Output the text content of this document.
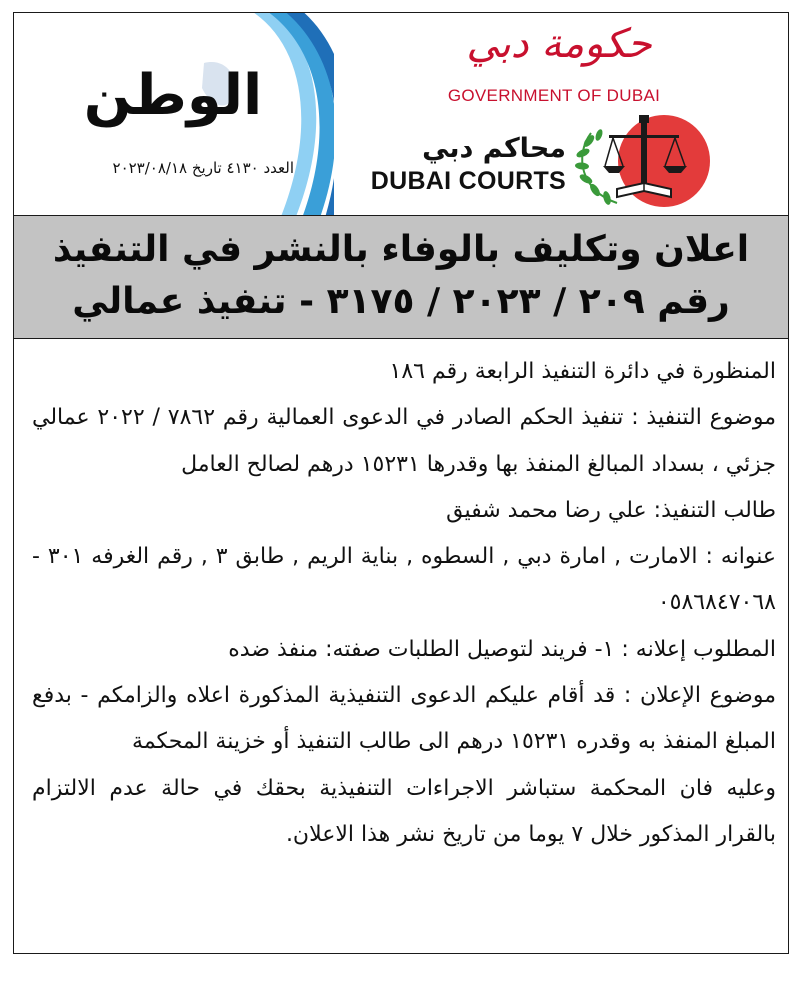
الوطن
العدد ٤١٣٠ تاريخ ٢٠٢٣/٠٨/١٨
حكومة دبي
GOVERNMENT OF DUBAI
محاكم دبي
DUBAI COURTS
اعلان وتكليف بالوفاء بالنشر في التنفيذ
رقم ٢٠٩ / ٢٠٢٣ / ٣١٧٥ - تنفيذ عمالي

المنظورة في دائرة التنفيذ الرابعة رقم ١٨٦

موضوع التنفيذ : تنفيذ الحكم الصادر في الدعوى العمالية رقم ٧٨٦٢ / ٢٠٢٢ عمالي جزئي ، بسداد المبالغ المنفذ بها وقدرها ١٥٢٣١ درهم لصالح العامل

طالب التنفيذ: علي رضا محمد شفيق

عنوانه : الامارت , امارة دبي , السطوه , بناية الريم , طابق ٣ , رقم الغرفه ٣٠١ - ٠٥٨٦٨٤٧٠٦٨

المطلوب إعلانه : ١- فريند لتوصيل الطلبات صفته: منفذ ضده

موضوع الإعلان : قد أقام عليكم الدعوى التنفيذية المذكورة اعلاه والزامكم - بدفع المبلغ المنفذ به وقدره ١٥٢٣١ درهم الى طالب التنفيذ أو خزينة المحكمة

وعليه فان المحكمة ستباشر الاجراءات التنفيذية بحقك في حالة عدم الالتزام بالقرار المذكور خلال ٧ يوما من تاريخ نشر هذا الاعلان.
